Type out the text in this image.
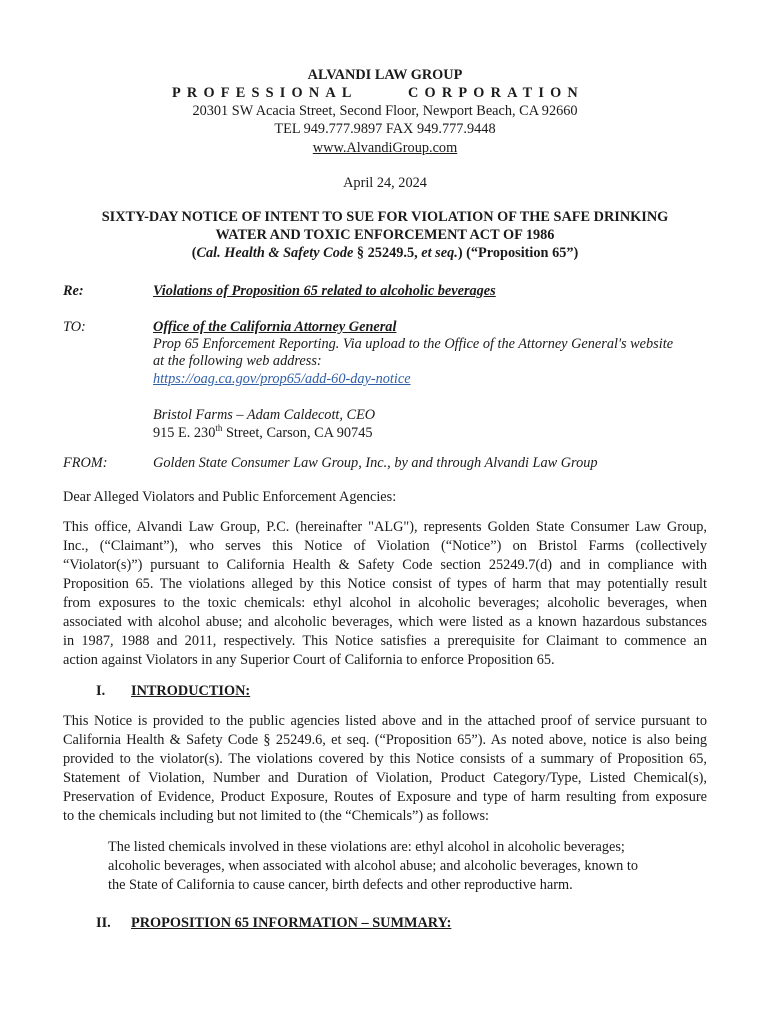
ALVANDI LAW GROUP
PROFESSIONAL	CORPORATION
20301 SW Acacia Street, Second Floor, Newport Beach, CA 92660
TEL 949.777.9897 FAX 949.777.9448
www.AlvandiGroup.com
April 24, 2024
SIXTY-DAY NOTICE OF INTENT TO SUE FOR VIOLATION OF THE SAFE DRINKING
WATER AND TOXIC ENFORCEMENT ACT OF 1986
(Cal. Health & Safety Code § 25249.5, et seq.) (“Proposition 65”)
Re:	Violations of Proposition 65 related to alcoholic beverages
TO:	Office of the California Attorney General
Prop 65 Enforcement Reporting. Via upload to the Office of the Attorney General's website
at the following web address:
https://oag.ca.gov/prop65/add-60-day-notice
Bristol Farms – Adam Caldecott, CEO
915 E. 230th Street, Carson, CA 90745
FROM:	Golden State Consumer Law Group, Inc., by and through Alvandi Law Group
Dear Alleged Violators and Public Enforcement Agencies:
This office, Alvandi Law Group, P.C. (hereinafter "ALG"), represents Golden State Consumer Law Group,
Inc., (“Claimant”), who serves this Notice of Violation (“Notice”) on Bristol Farms (collectively
“Violator(s)”) pursuant to California Health & Safety Code section 25249.7(d) and in compliance with
Proposition 65. The violations alleged by this Notice consist of types of harm that may potentially result
from exposures to the toxic chemicals: ethyl alcohol in alcoholic beverages; alcoholic beverages, when
associated with alcohol abuse; and alcoholic beverages, which were listed as a known hazardous substances
in 1987, 1988 and 2011, respectively. This Notice satisfies a prerequisite for Claimant to commence an
action against Violators in any Superior Court of California to enforce Proposition 65.
I. INTRODUCTION:
This Notice is provided to the public agencies listed above and in the attached proof of service pursuant to
California Health & Safety Code § 25249.6, et seq. (“Proposition 65”). As noted above, notice is also being
provided to the violator(s). The violations covered by this Notice consists of a summary of Proposition 65,
Statement of Violation, Number and Duration of Violation, Product Category/Type, Listed Chemical(s),
Preservation of Evidence, Product Exposure, Routes of Exposure and type of harm resulting from exposure
to the chemicals including but not limited to (the “Chemicals”) as follows:
The listed chemicals involved in these violations are: ethyl alcohol in alcoholic beverages;
alcoholic beverages, when associated with alcohol abuse; and alcoholic beverages, known to
the State of California to cause cancer, birth defects and other reproductive harm.
II. PROPOSITION 65 INFORMATION – SUMMARY:
